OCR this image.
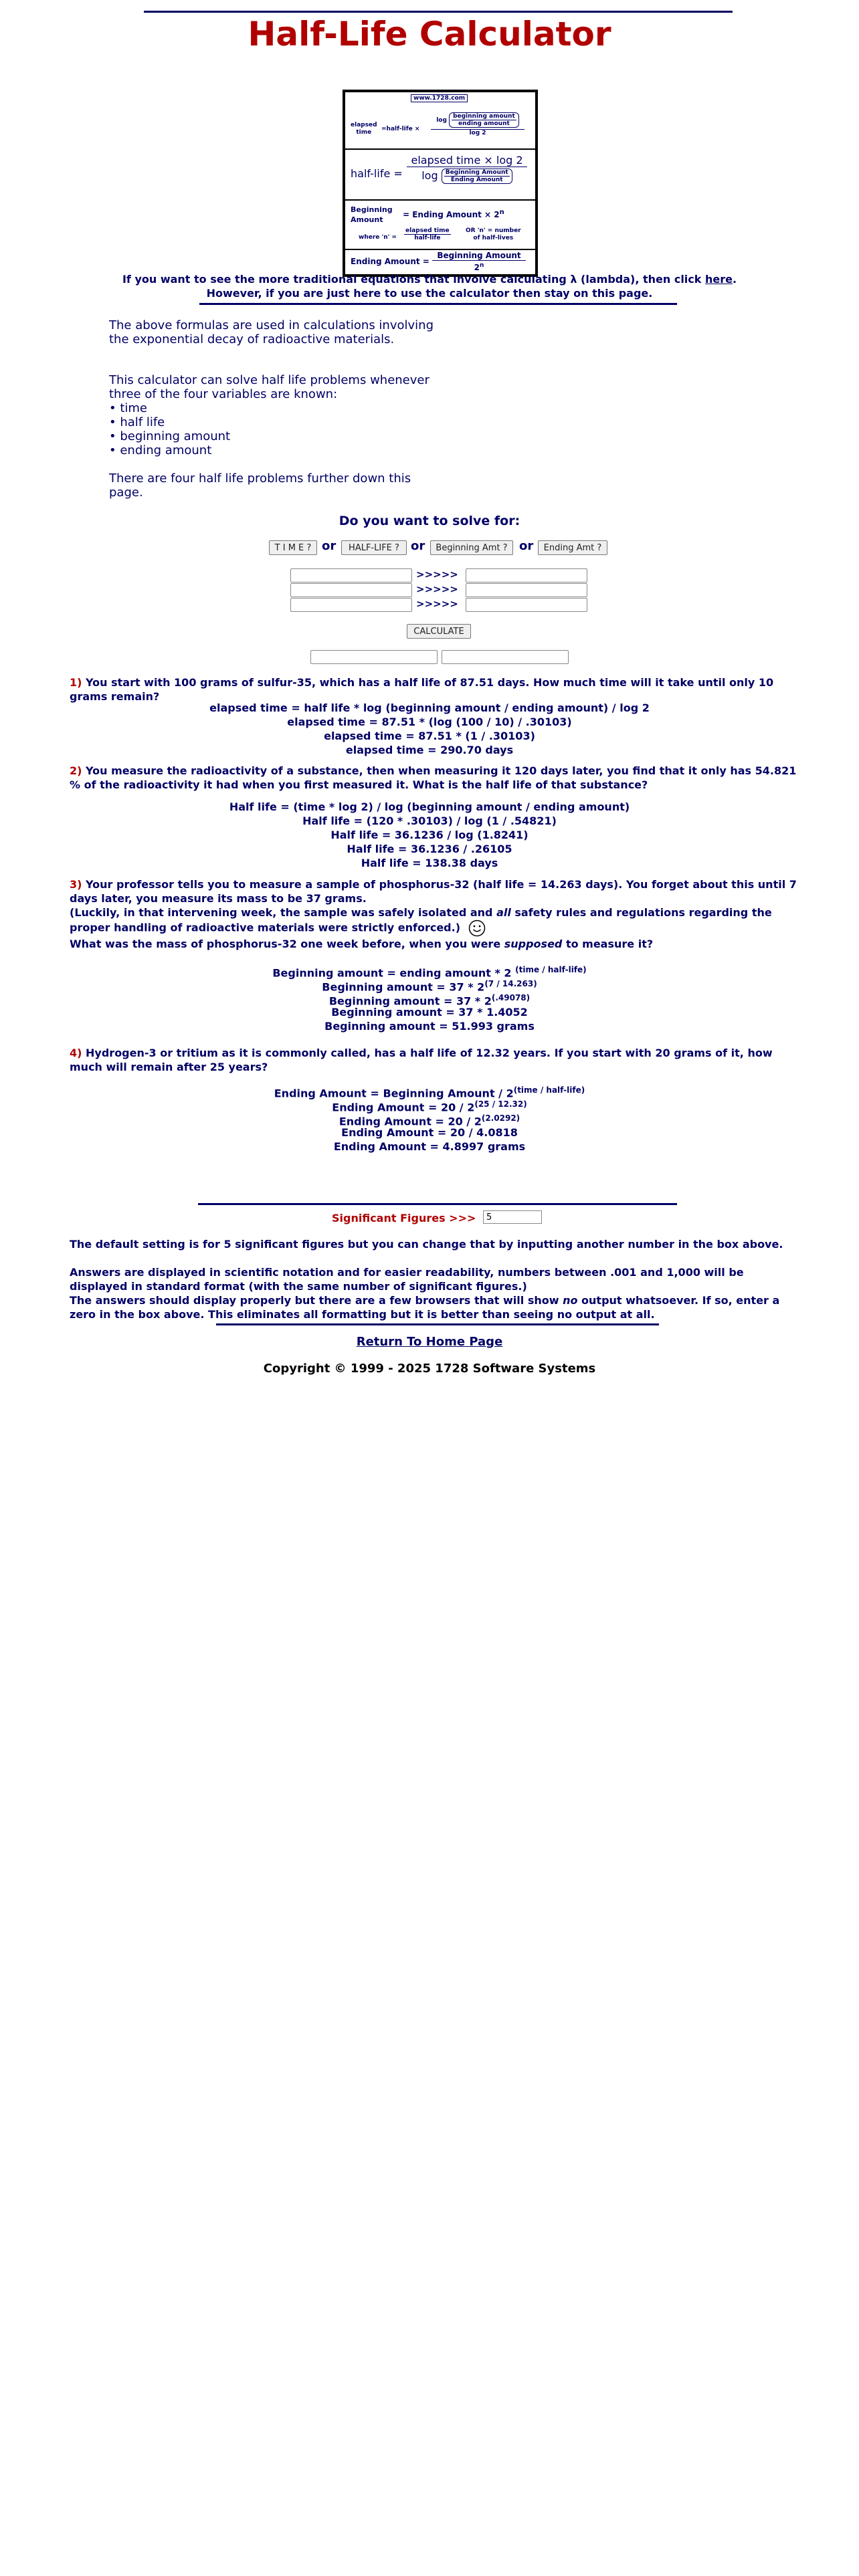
Half-Life Calculator
www.1728.com
elapsed
time	=half-life ×
$\log \frac{\text{beginning amount}}{\text{ending amount}}$
log 2
half-life =
elapsed time × log 2
$\log \frac{\text{Beginning Amount}}{\text{Ending Amount}}$
Beginning
Amount
= Ending Amount × $2^n$
where 'n' =
elapsed time
half-life
OR 'n' = number
of half-lives
Ending Amount =
Beginning Amount
2$^n$
If you want to see the more traditional equations that involve calculating λ (lambda), then click here.
However, if you are just here to use the calculator then stay on this page.
The above formulas are used in calculations involving the exponential decay of radioactive materials.
This calculator can solve half life problems whenever three of the four variables are known:
• time
• half life
• beginning amount
• ending amount
There are four half life problems further down this page.
Do you want to solve for:
T I M E ? or	HALF-LIFE ? or	Beginning Amt ? or	Ending Amt ?
>>>>>
>>>>>
>>>>>
CALCULATE
1) You start with 100 grams of sulfur-35, which has a half life of 87.51 days. How much time will it take until only 10 grams remain?
elapsed time = half life * log (beginning amount / ending amount) / log 2
elapsed time = 87.51 * (log (100 / 10) / .30103)
elapsed time = 87.51 * (1 / .30103)
elapsed time = 290.70 days
2) You measure the radioactivity of a substance, then when measuring it 120 days later, you find that it only has 54.821 % of the radioactivity it had when you first measured it. What is the half life of that substance?
Half life = (time * log 2) / log (beginning amount / ending amount)
Half life = (120 * .30103) / log (1 / .54821)
Half life = 36.1236 / log (1.8241)
Half life = 36.1236 / .26105
Half life = 138.38 days
3) Your professor tells you to measure a sample of phosphorus-32 (half life = 14.263 days). You forget about this until 7 days later, you measure its mass to be 37 grams.
(Luckily, in that intervening week, the sample was safely isolated and all safety rules and regulations regarding the proper handling of radioactive materials were strictly enforced.)
What was the mass of phosphorus-32 one week before, when you were supposed to measure it?
Beginning amount = ending amount * 2 $^{(time / half-life)}$
Beginning amount = $37 * 2^{(7 / 14.263)}$
Beginning amount = $37 * 2^{(.49078)}$
Beginning amount = 37 * 1.4052
Beginning amount = 51.993 grams
4) Hydrogen-3 or tritium as it is commonly called, has a half life of 12.32 years. If you start with 20 grams of it, how much will remain after 25 years?
Ending Amount = Beginning Amount / $2^{(time / half-life)}$
Ending Amount = $20 / 2^{(25 / 12.32)}$
Ending Amount = $20 / 2^{(2.0292)}$
Ending Amount = 20 / 4.0818
Ending Amount = 4.8997 grams
Significant Figures >>>
5
The default setting is for 5 significant figures but you can change that by inputting another number in the box above.
Answers are displayed in scientific notation and for easier readability, numbers between .001 and 1,000 will be displayed in standard format (with the same number of significant figures.)
The answers should display properly but there are a few browsers that will show no output whatsoever. If so, enter a zero in the box above. This eliminates all formatting but it is better than seeing no output at all.
Return To Home Page
Copyright © 1999 - 2025 1728 Software Systems
